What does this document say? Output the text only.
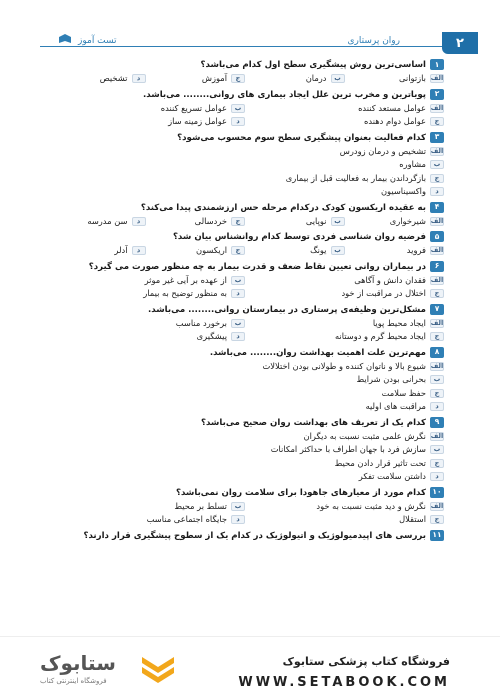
۲
روان پرستاری
تست آموز
۱
اساسی‌ترین روش پیشگیری سطح اول کدام می‌باشد؟
الف
بازتوانی
ب
درمان
ج
آموزش
د
تشخیص
۲
پویاترین و مخرب ترین علل ایجاد بیماری های روانی........ می‌باشد.
الف
عوامل مستعد کننده
ب
عوامل تسریع کننده
ج
عوامل دوام دهنده
د
عوامل زمینه ساز
۳
کدام فعالیت بعنوان پیشگیری سطح سوم محسوب می‌شود؟
الف
تشخیص و درمان زودرس
ب
مشاوره
ج
بازگرداندن بیمار به فعالیت قبل از بیماری
د
واکسیناسیون
۴
به عقیده اریکسون کودک درکدام مرحله حس ارزشمندی پیدا می‌کند؟
الف
شیرخواری
ب
نوپایی
ج
خردسالی
د
سن مدرسه
۵
فرضیه روان شناسی فردی توسط کدام روانشناس بیان شد؟
الف
فروید
ب
یونگ
ج
اریکسون
د
آدلر
۶
در بیماران روانی تعیین نقاط ضعف و قدرت بیمار به چه منظور صورت می گیرد؟
الف
فقدان دانش و آگاهی
ب
از عهده بر آیی غیر موثر
ج
اختلال در مراقبت از خود
د
به منظور توضیح به بیمار
۷
مشکل‌ترین وظیفه‌ی پرستاری در بیمارستان روانی........ می‌باشد.
الف
ایجاد محیط پویا
ب
برخورد مناسب
ج
ایجاد محیط گرم و دوستانه
د
پیشگیری
۸
مهم‌ترین علت اهمیت بهداشت روان........ می‌باشد.
الف
شیوع بالا و ناتوان کننده و طولانی بودن اختلالات
ب
بحرانی بودن شرایط
ج
حفظ سلامت
د
مراقبت های اولیه
۹
کدام یک از تعریف های بهداشت روان صحیح می‌باشد؟
الف
نگرش علمی مثبت نسبت به دیگران
ب
سازش فرد با جهان اطراف با حداکثر امکانات
ج
تحت تاثیر قرار دادن محیط
د
داشتن سلامت تفکر
۱۰
کدام مورد از معیارهای جاهودا برای سلامت روان نمی‌باشد؟
الف
نگرش و دید مثبت نسبت به خود
ب
تسلط بر محیط
ج
استقلال
د
جایگاه اجتماعی مناسب
۱۱
بررسی های اپیدمیولوژیک و اتیولوژیک در کدام یک از سطوح پیشگیری قرار دارند؟
فروشگاه کتاب پزشکی ستابوک
WWW.SETABOOK.COM
ستابوک
فروشگاه اینترنتی کتاب
